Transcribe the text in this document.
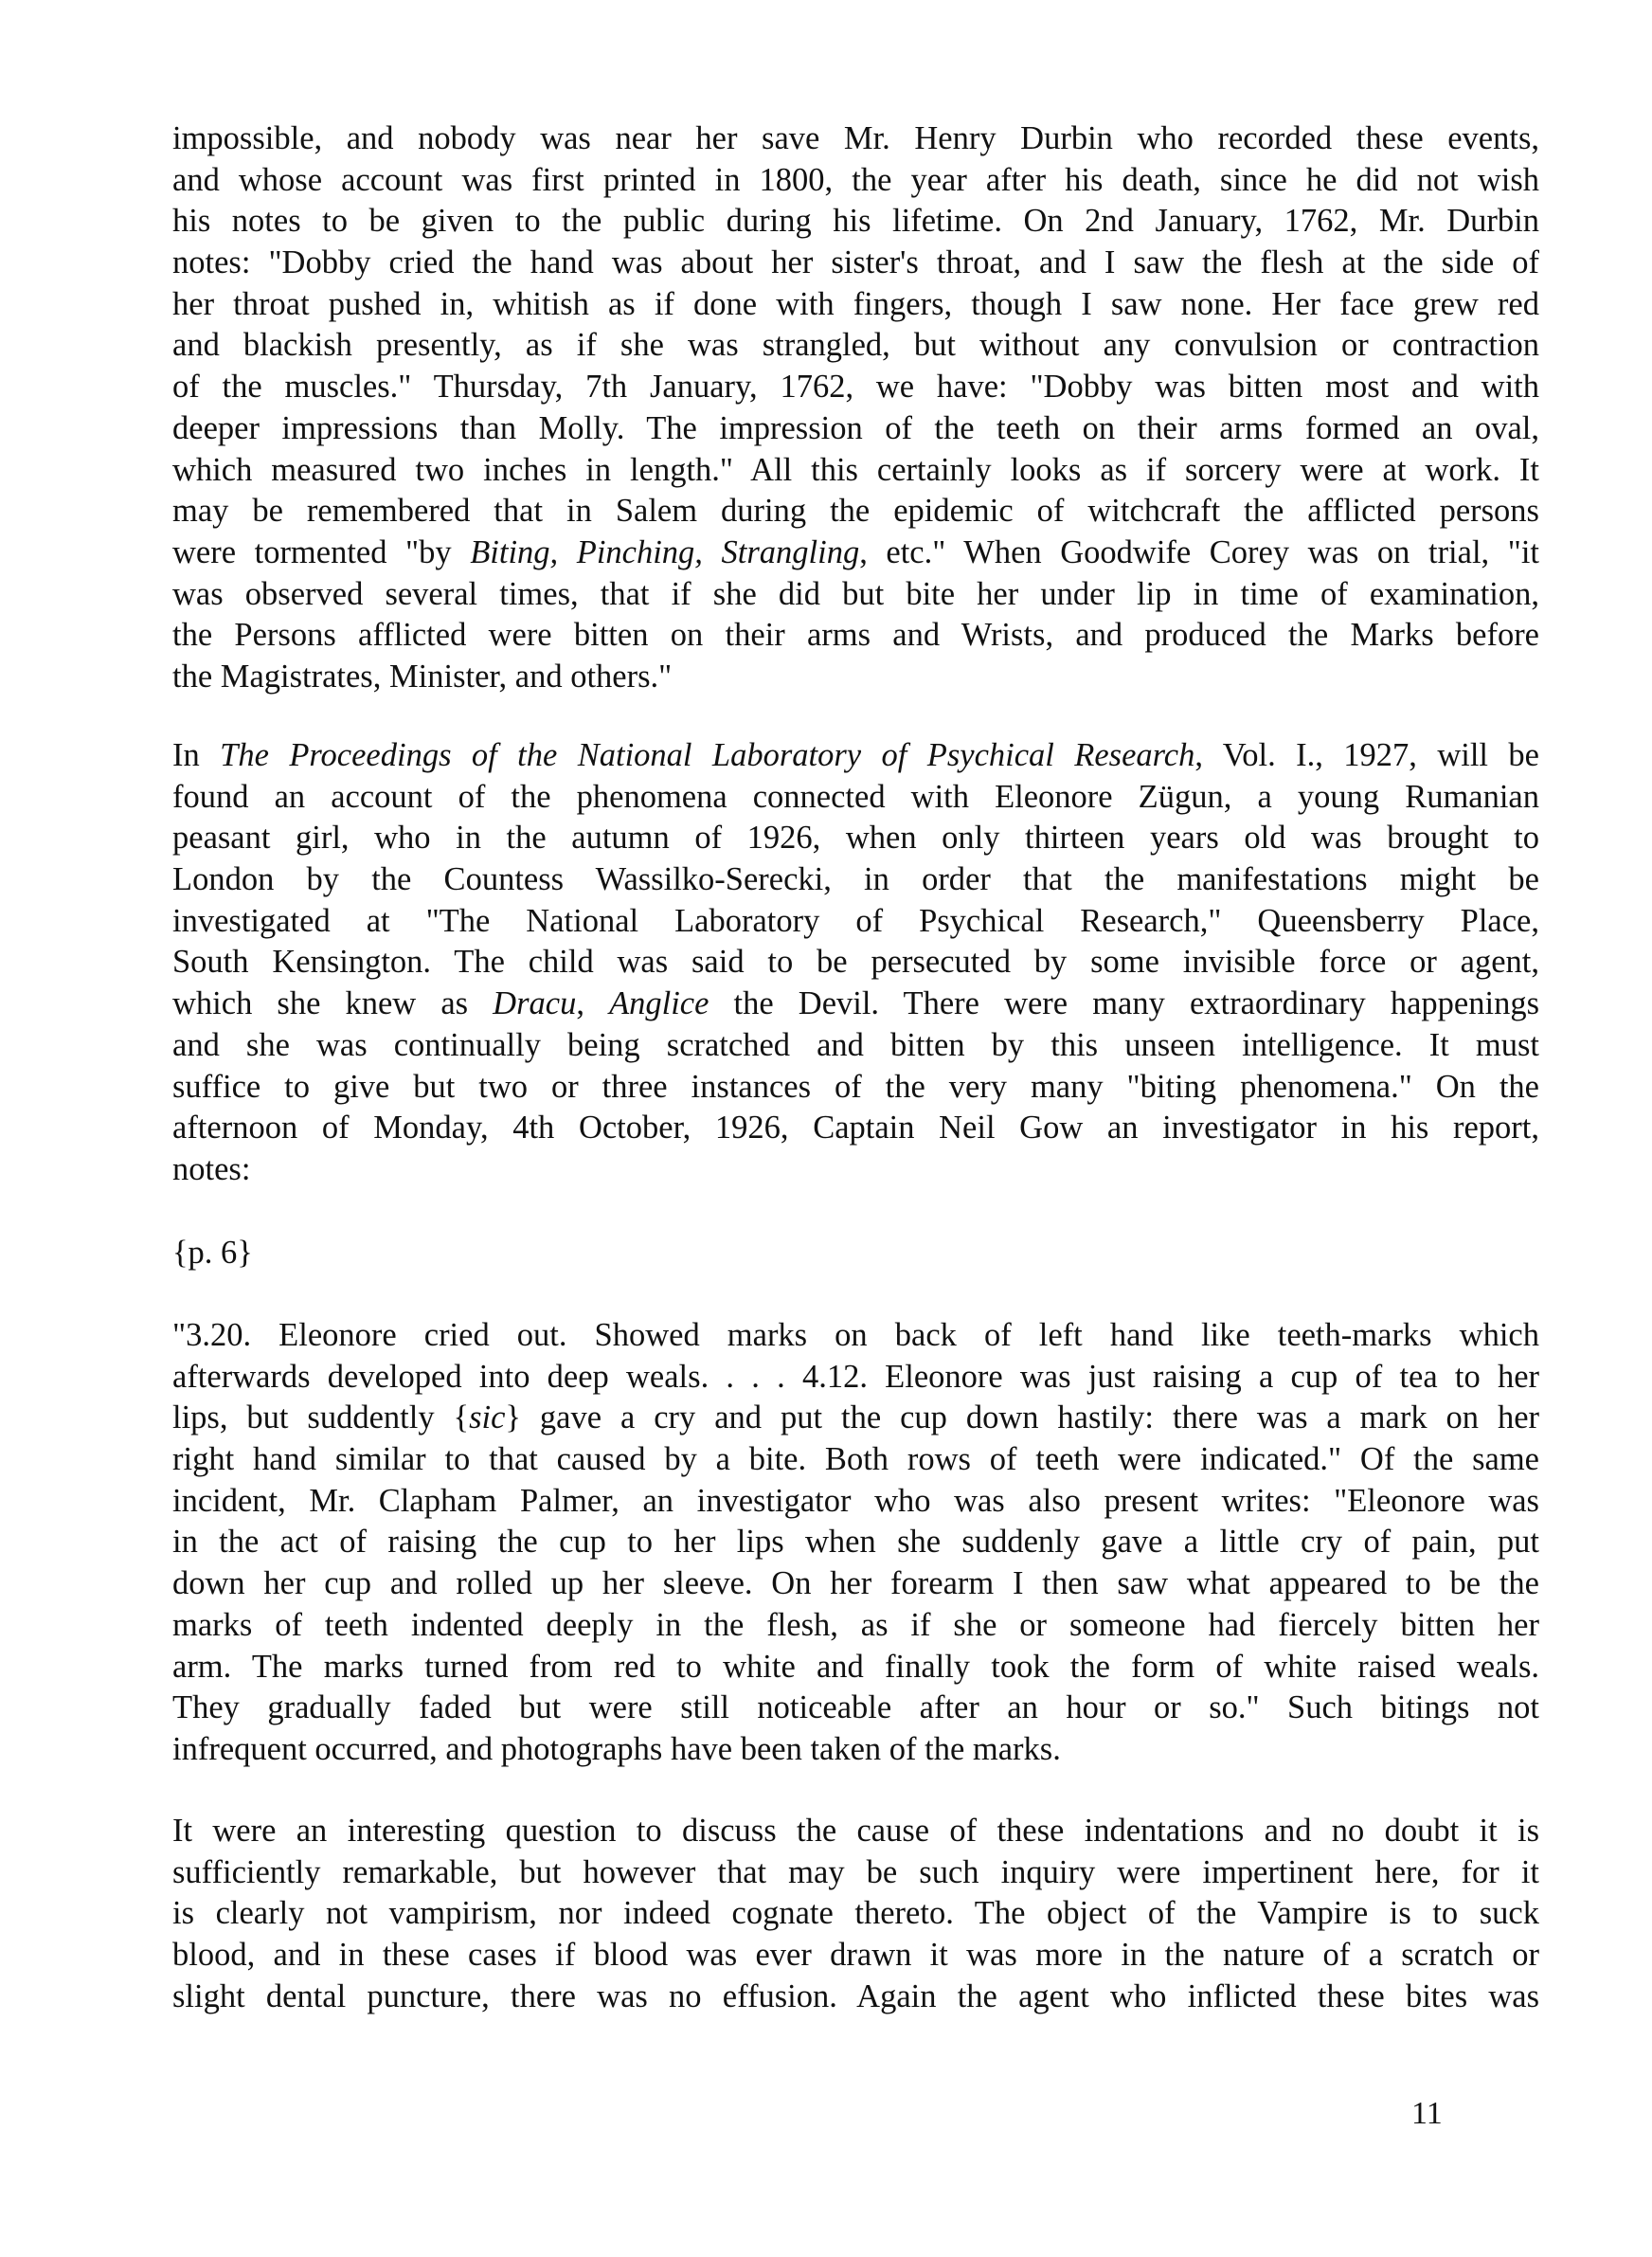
impossible, and nobody was near her save Mr. Henry Durbin who recorded these events,
and whose account was first printed in 1800, the year after his death, since he did not wish
his notes to be given to the public during his lifetime. On 2nd January, 1762, Mr. Durbin
notes: "Dobby cried the hand was about her sister's throat, and I saw the flesh at the side of
her throat pushed in, whitish as if done with fingers, though I saw none. Her face grew red
and blackish presently, as if she was strangled, but without any convulsion or contraction
of the muscles." Thursday, 7th January, 1762, we have: "Dobby was bitten most and with
deeper impressions than Molly. The impression of the teeth on their arms formed an oval,
which measured two inches in length." All this certainly looks as if sorcery were at work. It
may be remembered that in Salem during the epidemic of witchcraft the afflicted persons
were tormented "by Biting, Pinching, Strangling, etc." When Goodwife Corey was on trial, "it
was observed several times, that if she did but bite her under lip in time of examination,
the Persons afflicted were bitten on their arms and Wrists, and produced the Marks before
the Magistrates, Minister, and others."
In The Proceedings of the National Laboratory of Psychical Research, Vol. I., 1927, will be
found an account of the phenomena connected with Eleonore Zügun, a young Rumanian
peasant girl, who in the autumn of 1926, when only thirteen years old was brought to
London by the Countess Wassilko-Serecki, in order that the manifestations might be
investigated at "The National Laboratory of Psychical Research," Queensberry Place,
South Kensington. The child was said to be persecuted by some invisible force or agent,
which she knew as Dracu, Anglice the Devil. There were many extraordinary happenings
and she was continually being scratched and bitten by this unseen intelligence. It must
suffice to give but two or three instances of the very many "biting phenomena." On the
afternoon of Monday, 4th October, 1926, Captain Neil Gow an investigator in his report,
notes:
{p. 6}
"3.20. Eleonore cried out. Showed marks on back of left hand like teeth-marks which
afterwards developed into deep weals. . . . 4.12. Eleonore was just raising a cup of tea to her
lips, but suddently {sic} gave a cry and put the cup down hastily: there was a mark on her
right hand similar to that caused by a bite. Both rows of teeth were indicated." Of the same
incident, Mr. Clapham Palmer, an investigator who was also present writes: "Eleonore was
in the act of raising the cup to her lips when she suddenly gave a little cry of pain, put
down her cup and rolled up her sleeve. On her forearm I then saw what appeared to be the
marks of teeth indented deeply in the flesh, as if she or someone had fiercely bitten her
arm. The marks turned from red to white and finally took the form of white raised weals.
They gradually faded but were still noticeable after an hour or so." Such bitings not
infrequent occurred, and photographs have been taken of the marks.
It were an interesting question to discuss the cause of these indentations and no doubt it is
sufficiently remarkable, but however that may be such inquiry were impertinent here, for it
is clearly not vampirism, nor indeed cognate thereto. The object of the Vampire is to suck
blood, and in these cases if blood was ever drawn it was more in the nature of a scratch or
slight dental puncture, there was no effusion. Again the agent who inflicted these bites was
11
